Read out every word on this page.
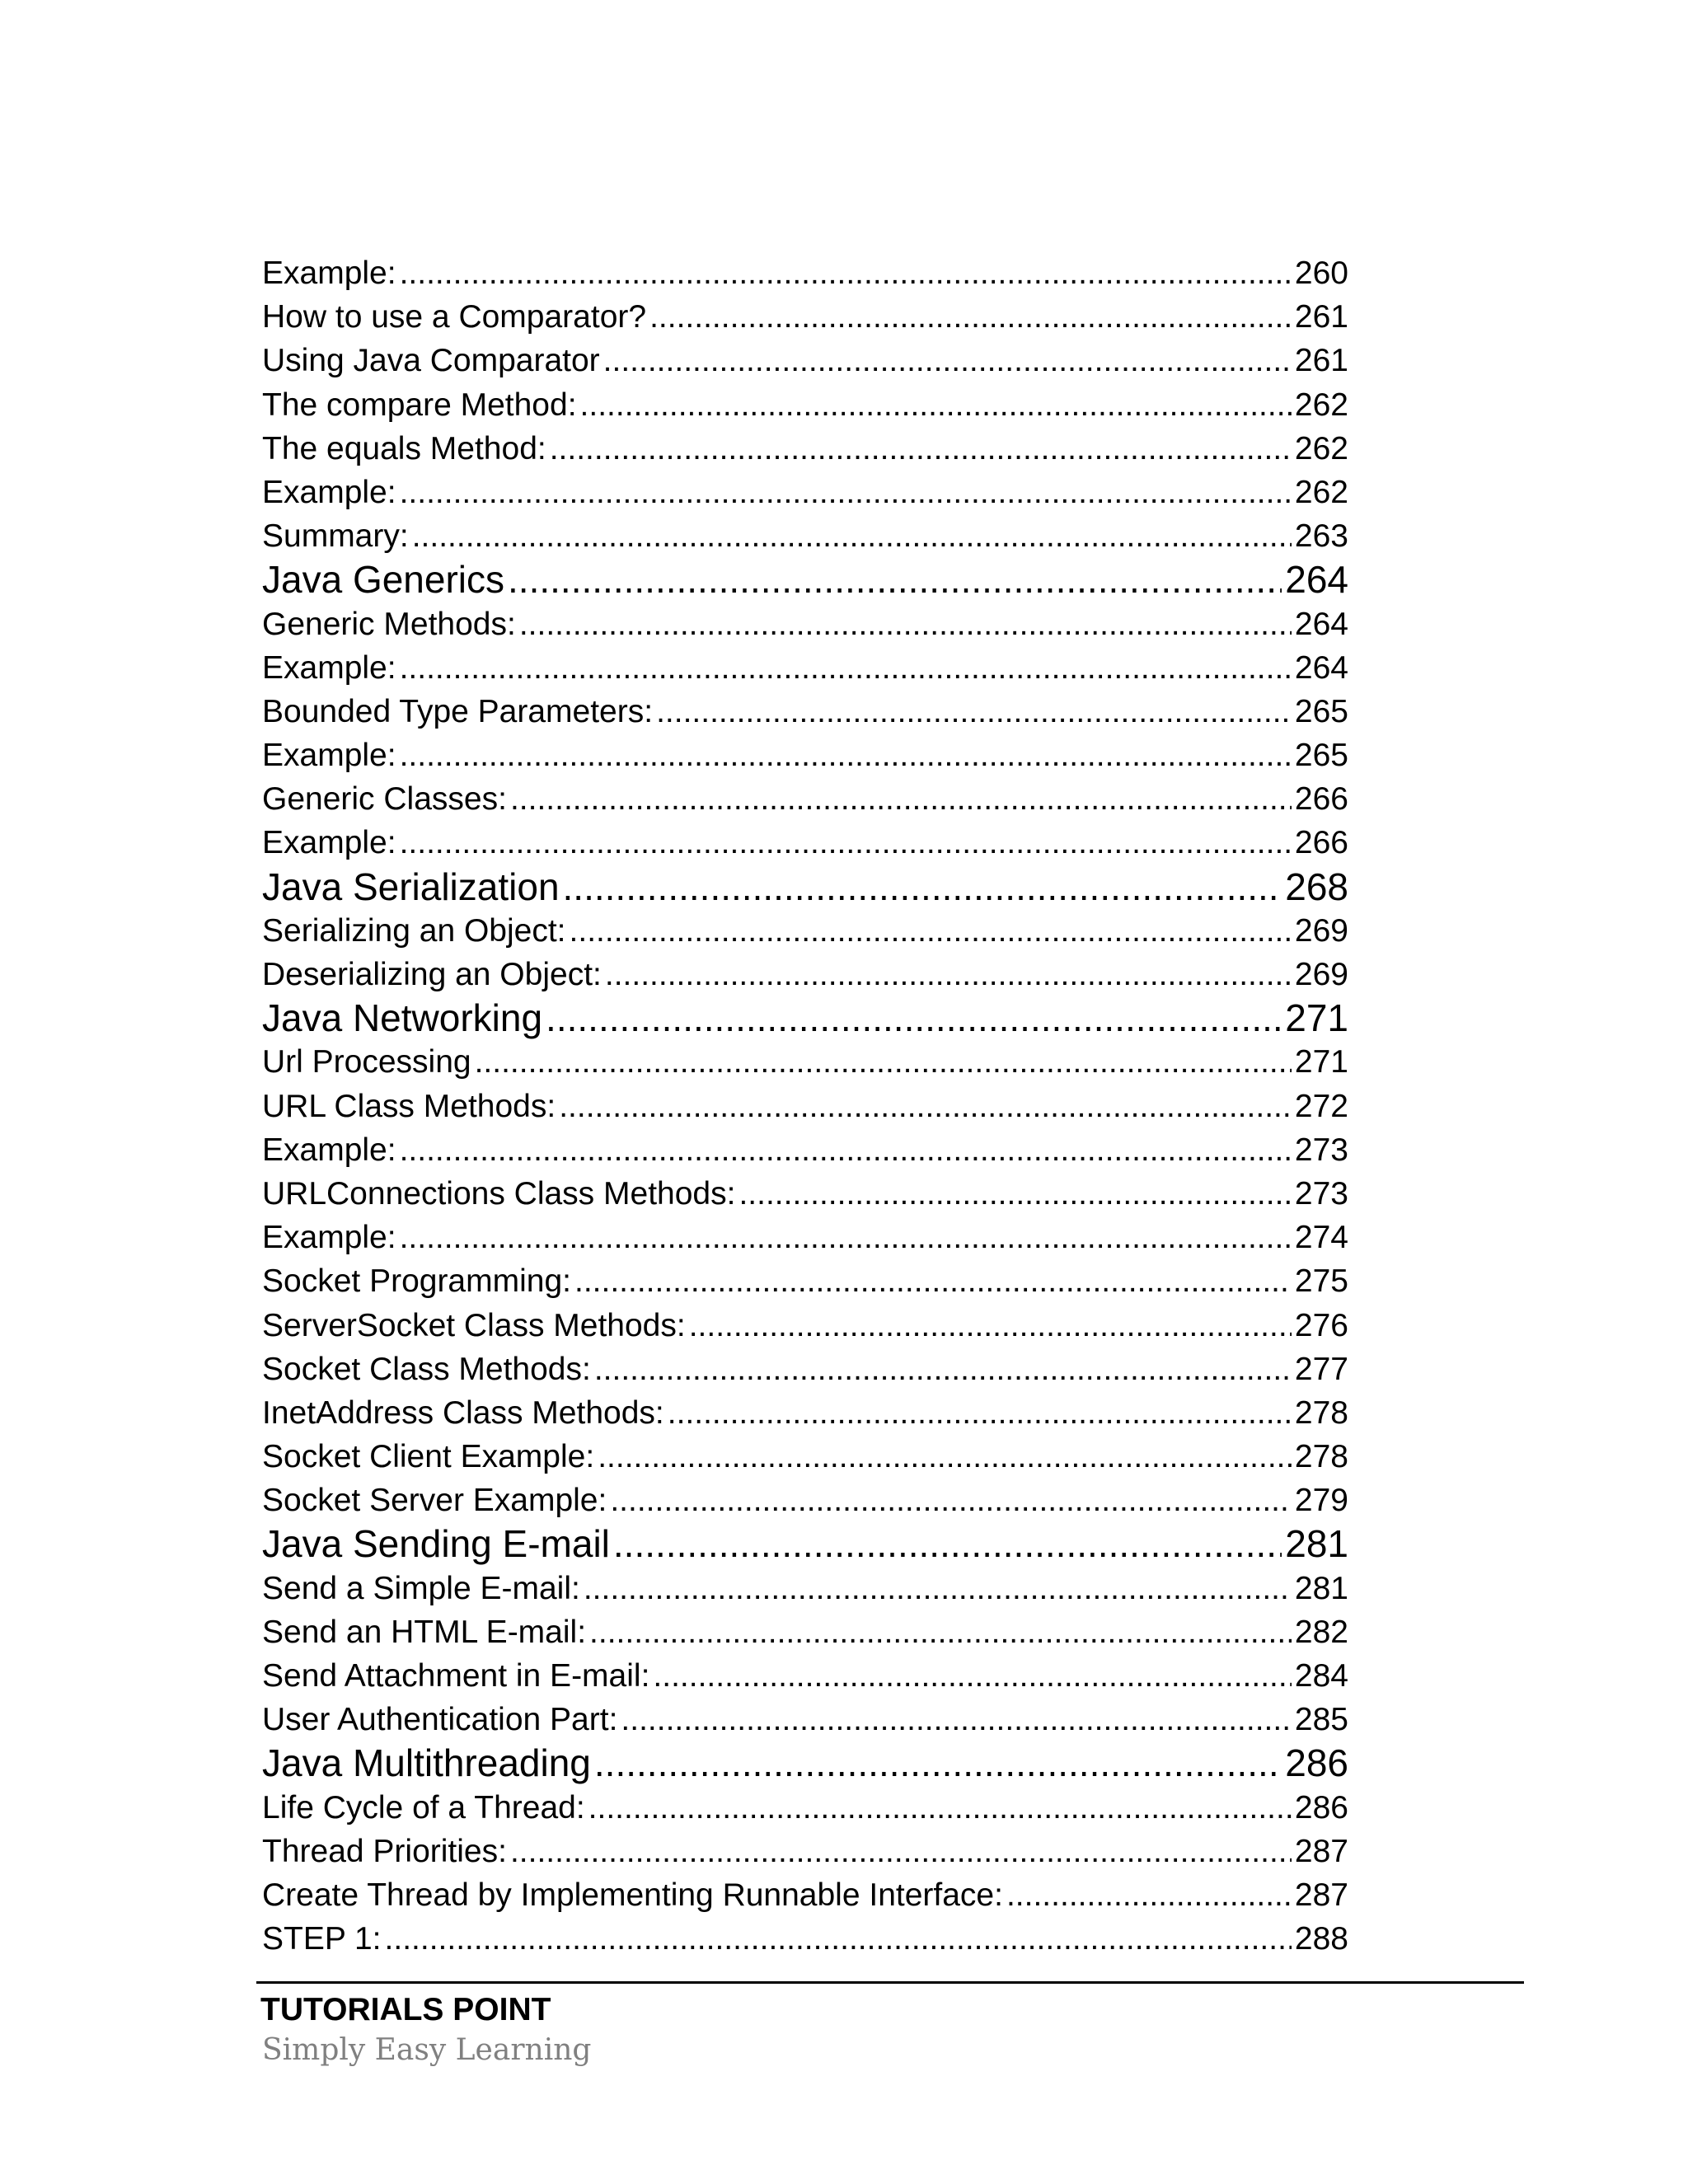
Example: .....	260
How to use a Comparator? .....	261
Using Java Comparator .....	261
The compare Method: .....	262
The equals Method: .....	262
Example: .....	262
Summary: .....	263
Java Generics .....	264
Generic Methods: .....	264
Example: .....	264
Bounded Type Parameters: .....	265
Example: .....	265
Generic Classes: .....	266
Example: .....	266
Java Serialization .....	268
Serializing an Object: .....	269
Deserializing an Object: .....	269
Java Networking .....	271
Url Processing .....	271
URL Class Methods: .....	272
Example: .....	273
URLConnections Class Methods: .....	273
Example: .....	274
Socket Programming: .....	275
ServerSocket Class Methods: .....	276
Socket Class Methods: .....	277
InetAddress Class Methods: .....	278
Socket Client Example: .....	278
Socket Server Example: .....	279
Java Sending E-mail .....	281
Send a Simple E-mail: .....	281
Send an HTML E-mail: .....	282
Send Attachment in E-mail: .....	284
User Authentication Part: .....	285
Java Multithreading .....	286
Life Cycle of a Thread: .....	286
Thread Priorities: .....	287
Create Thread by Implementing Runnable Interface: .....	287
STEP 1: .....	288
TUTORIALS POINT
Simply Easy Learning
